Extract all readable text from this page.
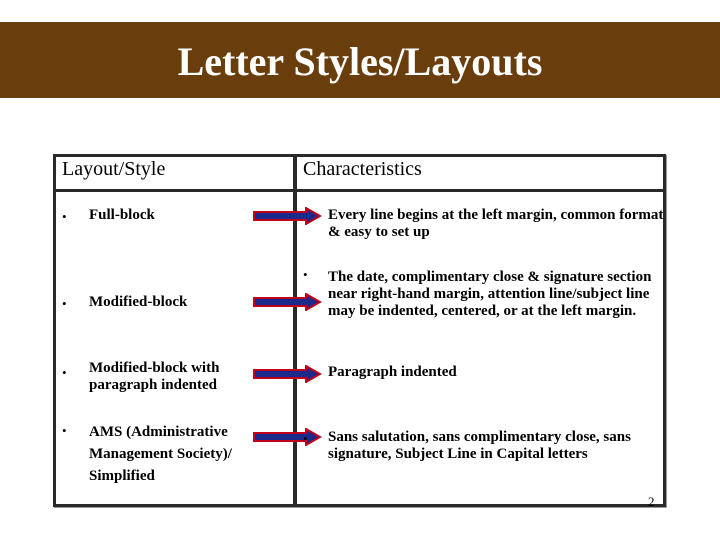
Letter Styles/Layouts
Layout/Style	Characteristics
• Full-block	Every line begins at the left margin, common format & easy to set up
•
• Modified-block
The date, complimentary close & signature section near right-hand margin, attention line/subject line may be indented, centered, or at the left margin.
• Modified-block with paragraph indented
Paragraph indented
• AMS (Administrative Management Society)/ Simplified
• Sans salutation, sans complimentary close, sans signature, Subject Line in Capital letters
2
